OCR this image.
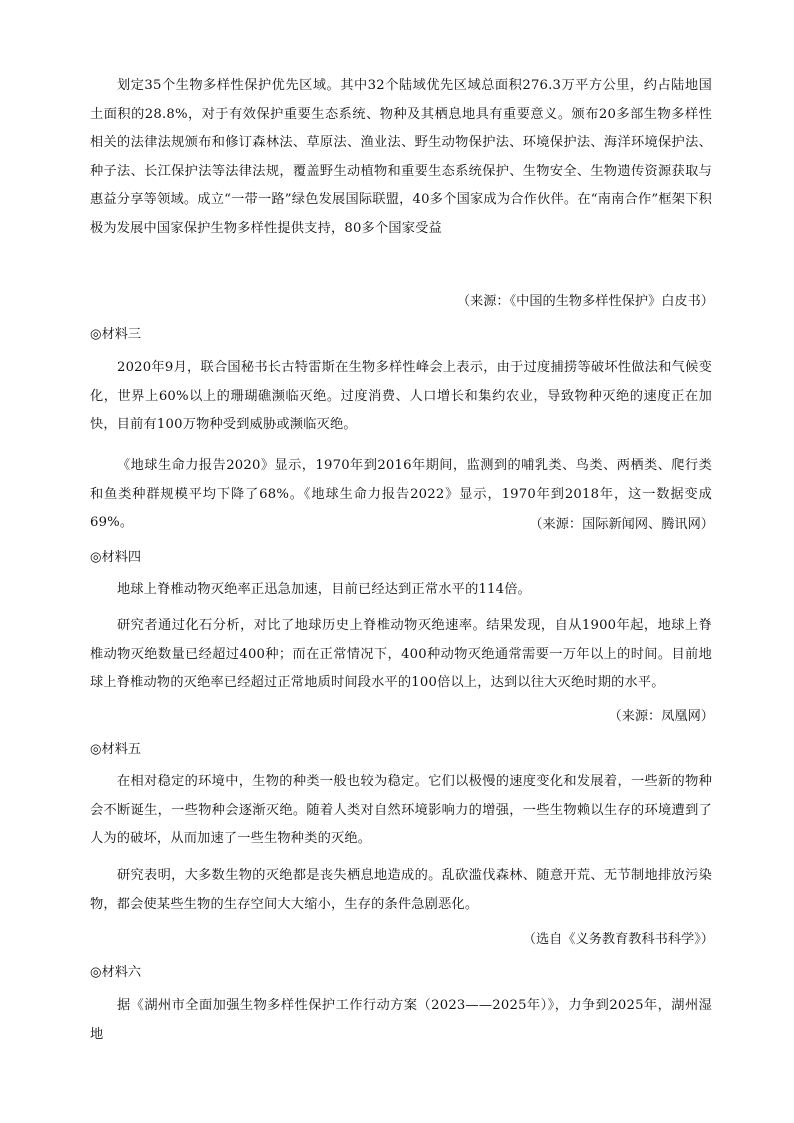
划定35个生物多样性保护优先区域。其中32个陆域优先区域总面积276.3万平方公里，约占陆地国土面积的28.8%，对于有效保护重要生态系统、物种及其栖息地具有重要意义。颁布20多部生物多样性相关的法律法规颁布和修订森林法、草原法、渔业法、野生动物保护法、环境保护法、海洋环境保护法、种子法、长江保护法等法律法规，覆盖野生动植物和重要生态系统保护、生物安全、生物遗传资源获取与惠益分享等领域。成立“一带一路”绿色发展国际联盟，40多个国家成为合作伙伴。在“南南合作”框架下积极为发展中国家保护生物多样性提供支持，80多个国家受益

（来源：《中国的生物多样性保护》白皮书）

◎材料三

2020年9月，联合国秘书长古特雷斯在生物多样性峰会上表示，由于过度捕捞等破坏性做法和气候变化，世界上60%以上的珊瑚礁濒临灭绝。过度消费、人口增长和集约农业，导致物种灭绝的速度正在加快，目前有100万物种受到威胁或濒临灭绝。

《地球生命力报告2020》显示，1970年到2016年期间，监测到的哺乳类、鸟类、两栖类、爬行类和鱼类种群规模平均下降了68%。《地球生命力报告2022》显示，1970年到2018年，这一数据变成69%。	（来源：国际新闻网、腾讯网）

◎材料四

地球上脊椎动物灭绝率正迅急加速，目前已经达到正常水平的114倍。

研究者通过化石分析，对比了地球历史上脊椎动物灭绝速率。结果发现，自从1900年起，地球上脊椎动物灭绝数量已经超过400种；而在正常情况下，400种动物灭绝通常需要一万年以上的时间。目前地球上脊椎动物的灭绝率已经超过正常地质时间段水平的100倍以上，达到以往大灭绝时期的水平。

（来源：凤凰网）

◎材料五

在相对稳定的环境中，生物的种类一般也较为稳定。它们以极慢的速度变化和发展着，一些新的物种会不断诞生，一些物种会逐渐灭绝。随着人类对自然环境影响力的增强，一些生物赖以生存的环境遭到了人为的破坏，从而加速了一些生物种类的灭绝。

研究表明，大多数生物的灭绝都是丧失栖息地造成的。乱砍滥伐森林、随意开荒、无节制地排放污染物，都会使某些生物的生存空间大大缩小，生存的条件急剧恶化。

（选自《义务教育教科书科学》）

◎材料六

据《湖州市全面加强生物多样性保护工作行动方案（2023——2025年）》，力争到2025年，湖州湿地
